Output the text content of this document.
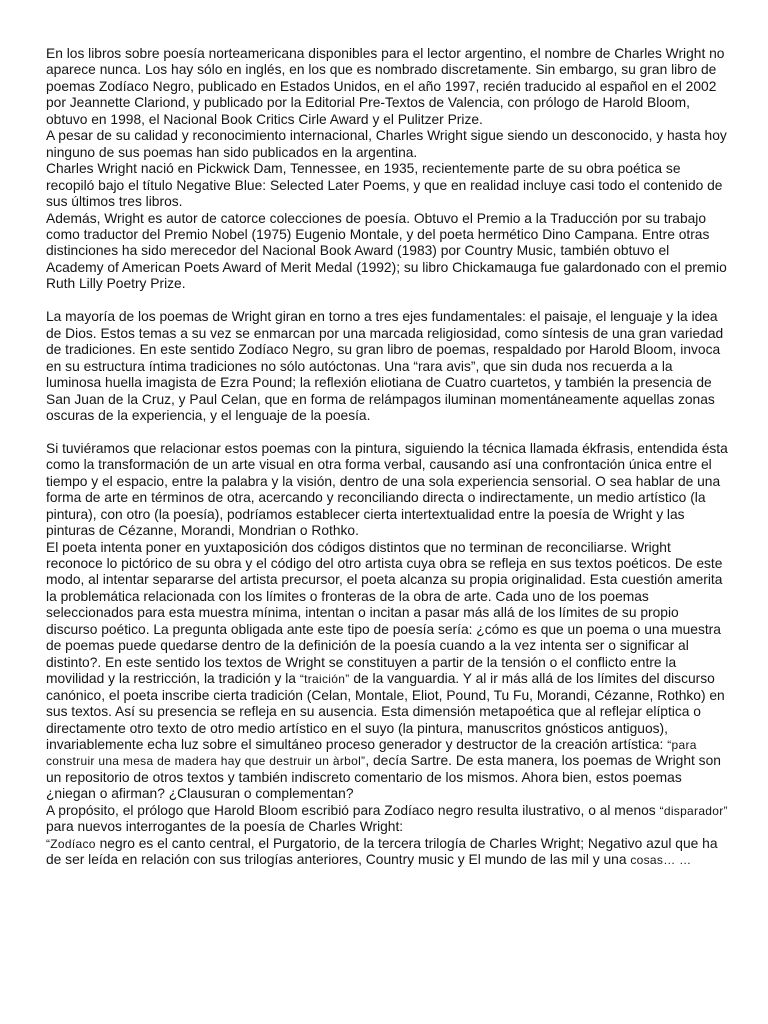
En los libros sobre poesía norteamericana disponibles para el lector argentino, el nombre de Charles Wright no aparece nunca. Los hay sólo en inglés, en los que es nombrado discretamente. Sin embargo, su gran libro de poemas Zodíaco Negro, publicado en Estados Unidos, en el año 1997, recién traducido al español en el 2002 por Jeannette Clariond, y publicado por la Editorial Pre-Textos de Valencia, con prólogo de Harold Bloom, obtuvo en 1998, el Nacional Book Critics Cirle Award y el Pulitzer Prize.

A pesar de su calidad y reconocimiento internacional, Charles Wright sigue siendo un desconocido, y hasta hoy ninguno de sus poemas han sido publicados en la argentina.

Charles Wright nació en Pickwick Dam, Tennessee, en 1935, recientemente parte de su obra poética se recopiló bajo el título Negative Blue: Selected Later Poems, y que en realidad incluye casi todo el contenido de sus últimos tres libros.

Además, Wright es autor de catorce colecciones de poesía. Obtuvo el Premio a la Traducción por su trabajo como traductor del Premio Nobel (1975) Eugenio Montale, y del poeta hermético Dino Campana. Entre otras distinciones ha sido merecedor del Nacional Book Award (1983) por Country Music, también obtuvo el Academy of American Poets Award of Merit Medal (1992); su libro Chickamauga fue galardonado con el premio Ruth Lilly Poetry Prize.

La mayoría de los poemas de Wright giran en torno a tres ejes fundamentales: el paisaje, el lenguaje y la idea de Dios. Estos temas a su vez se enmarcan por una marcada religiosidad, como síntesis de una gran variedad de tradiciones. En este sentido Zodíaco Negro, su gran libro de poemas, respaldado por Harold Bloom, invoca en su estructura íntima tradiciones no sólo autóctonas. Una “rara avis”, que sin duda nos recuerda a la luminosa huella imagista de Ezra Pound; la reflexión eliotiana de Cuatro cuartetos, y también la presencia de San Juan de la Cruz, y Paul Celan, que en forma de relámpagos iluminan momentáneamente aquellas zonas oscuras de la experiencia, y el lenguaje de la poesía.

Si tuviéramos que relacionar estos poemas con la pintura, siguiendo la técnica llamada ékfrasis, entendida ésta como la transformación de un arte visual en otra forma verbal, causando así una confrontación única entre el tiempo y el espacio, entre la palabra y la visión, dentro de una sola experiencia sensorial. O sea hablar de una forma de arte en términos de otra, acercando y reconciliando directa o indirectamente, un medio artístico (la pintura), con otro (la poesía), podríamos establecer cierta intertextualidad entre la poesía de Wright y las pinturas de Cézanne, Morandi, Mondrian o Rothko.

El poeta intenta poner en yuxtaposición dos códigos distintos que no terminan de reconciliarse. Wright reconoce lo pictórico de su obra y el código del otro artista cuya obra se refleja en sus textos poéticos. De este modo, al intentar separarse del artista precursor, el poeta alcanza su propia originalidad. Esta cuestión amerita la problemática relacionada con los límites o fronteras de la obra de arte. Cada uno de los poemas seleccionados para esta muestra mínima, intentan o incitan a pasar más allá de los límites de su propio discurso poético. La pregunta obligada ante este tipo de poesía sería: ¿cómo es que un poema o una muestra de poemas puede quedarse dentro de la definición de la poesía cuando a la vez intenta ser o significar al distinto?. En este sentido los textos de Wright se constituyen a partir de la tensión o el conflicto entre la movilidad y la restricción, la tradición y la “traición” de la vanguardia. Y al ir más allá de los límites del discurso canónico, el poeta inscribe cierta tradición (Celan, Montale, Eliot, Pound, Tu Fu, Morandi, Cézanne, Rothko) en sus textos. Así su presencia se refleja en su ausencia. Esta dimensión metapoética que al reflejar elíptica o directamente otro texto de otro medio artístico en el suyo (la pintura, manuscritos gnósticos antiguos), invariablemente echa luz sobre el simultáneo proceso generador y destructor de la creación artística: “para construir una mesa de madera hay que destruir un àrbol”, decía Sartre. De esta manera, los poemas de Wright son un repositorio de otros textos y también indiscreto comentario de los mismos. Ahora bien, estos poemas ¿niegan o afirman? ¿Clausuran o complementan?

A propósito, el prólogo que Harold Bloom escribió para Zodíaco negro resulta ilustrativo, o al menos “disparador” para nuevos interrogantes de la poesía de Charles Wright:

“Zodíaco negro es el canto central, el Purgatorio, de la tercera trilogía de Charles Wright; Negativo azul que ha de ser leída en relación con sus trilogías anteriores, Country music y El mundo de las mil y una cosas… …
